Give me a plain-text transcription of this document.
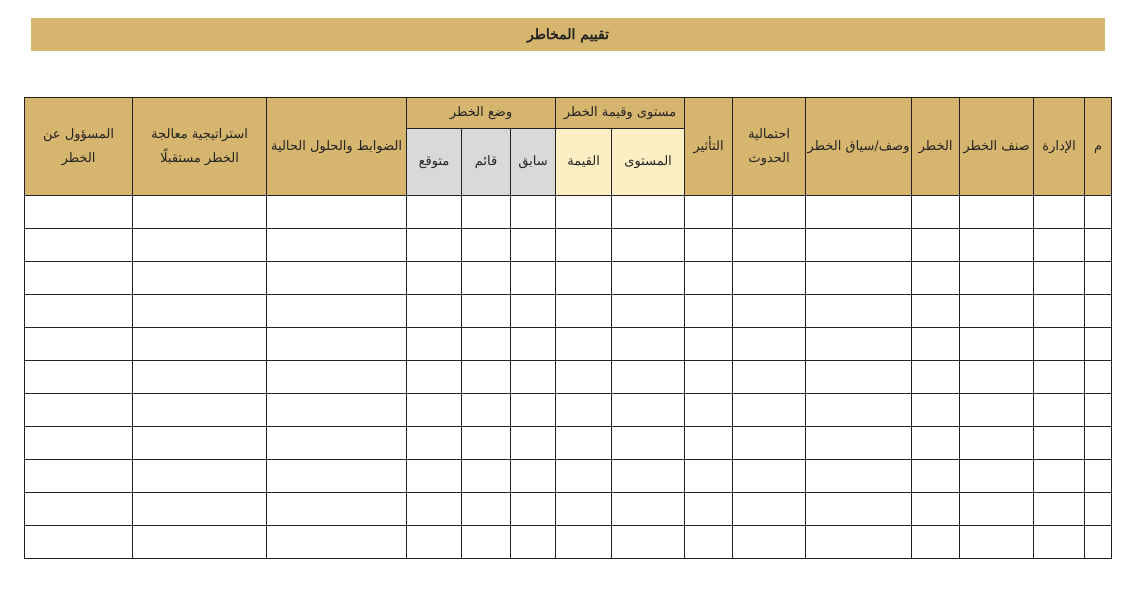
تقييم المخاطر
المسؤول عن الخطر	استراتيجية معالجة الخطر مستقبلًا	الضوابط والحلول الحالية	وضع الخطر			مستوى وقيمة الخطر		التأثير	احتمالية الحدوث	وصف/سياق الخطر	الخطر	صنف الخطر	الإدارة	م
			متوقع	قائم	سابق	القيمة	المستوى							
